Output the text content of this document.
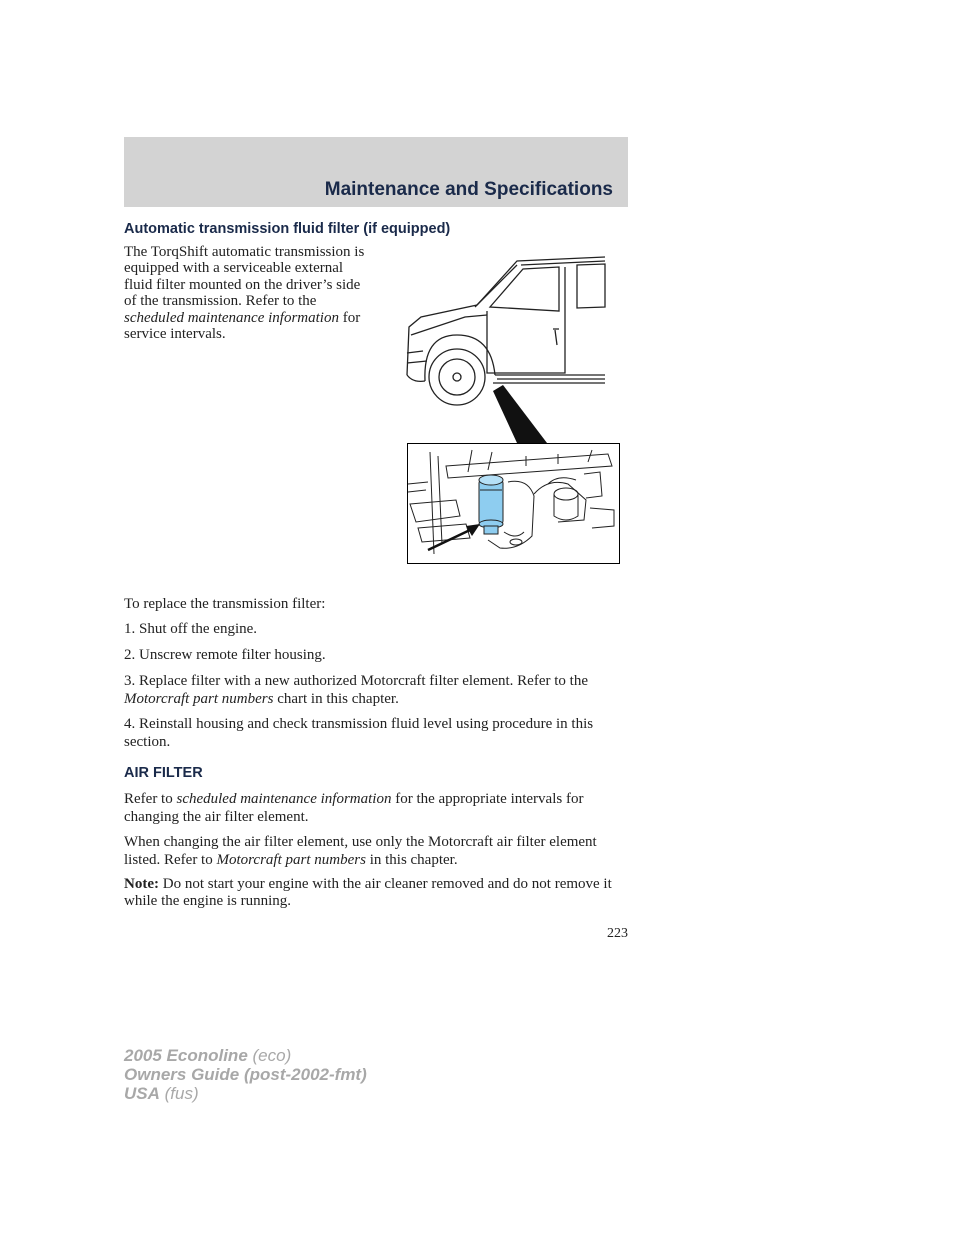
Maintenance and Specifications
Automatic transmission fluid filter (if equipped)

The TorqShift automatic transmission is equipped with a serviceable external fluid filter mounted on the driver’s side of the transmission. Refer to the scheduled maintenance information for service intervals.

To replace the transmission filter:

1. Shut off the engine.

2. Unscrew remote filter housing.

3. Replace filter with a new authorized Motorcraft filter element. Refer to the Motorcraft part numbers chart in this chapter.

4. Reinstall housing and check transmission fluid level using procedure in this section.

AIR FILTER

Refer to scheduled maintenance information for the appropriate intervals for changing the air filter element.

When changing the air filter element, use only the Motorcraft air filter element listed. Refer to Motorcraft part numbers in this chapter.

Note: Do not start your engine with the air cleaner removed and do not remove it while the engine is running.

223

2005 Econoline (eco)
Owners Guide (post-2002-fmt)
USA (fus)
